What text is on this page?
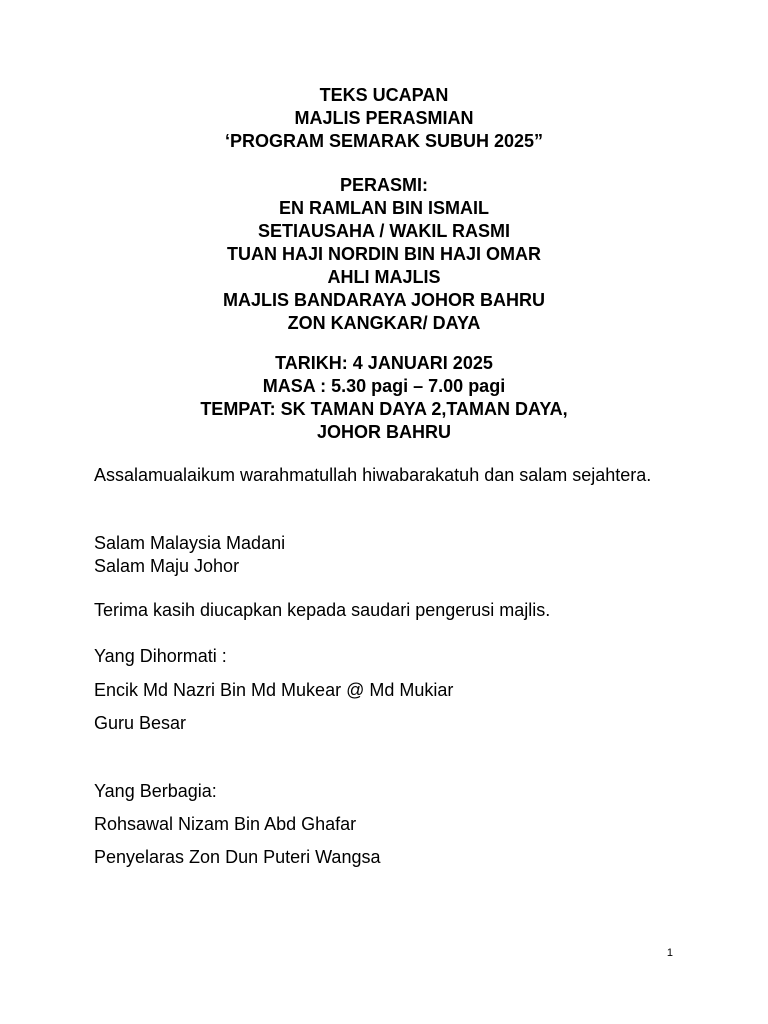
TEKS UCAPAN
MAJLIS PERASMIAN
‘PROGRAM SEMARAK SUBUH 2025”
PERASMI:
EN RAMLAN BIN ISMAIL
SETIAUSAHA / WAKIL RASMI
TUAN HAJI NORDIN BIN HAJI OMAR
AHLI MAJLIS
MAJLIS BANDARAYA JOHOR BAHRU
ZON KANGKAR/ DAYA
TARIKH: 4 JANUARI 2025
MASA : 5.30 pagi – 7.00 pagi
TEMPAT: SK TAMAN DAYA 2,TAMAN DAYA,
JOHOR BAHRU
Assalamualaikum warahmatullah hiwabarakatuh dan salam sejahtera.
Salam Malaysia Madani
Salam Maju Johor
Terima kasih diucapkan kepada saudari pengerusi majlis.
Yang Dihormati :
Encik Md Nazri Bin Md Mukear @ Md Mukiar
Guru Besar
Yang Berbagia:
Rohsawal Nizam Bin Abd Ghafar
Penyelaras Zon Dun Puteri Wangsa
1
